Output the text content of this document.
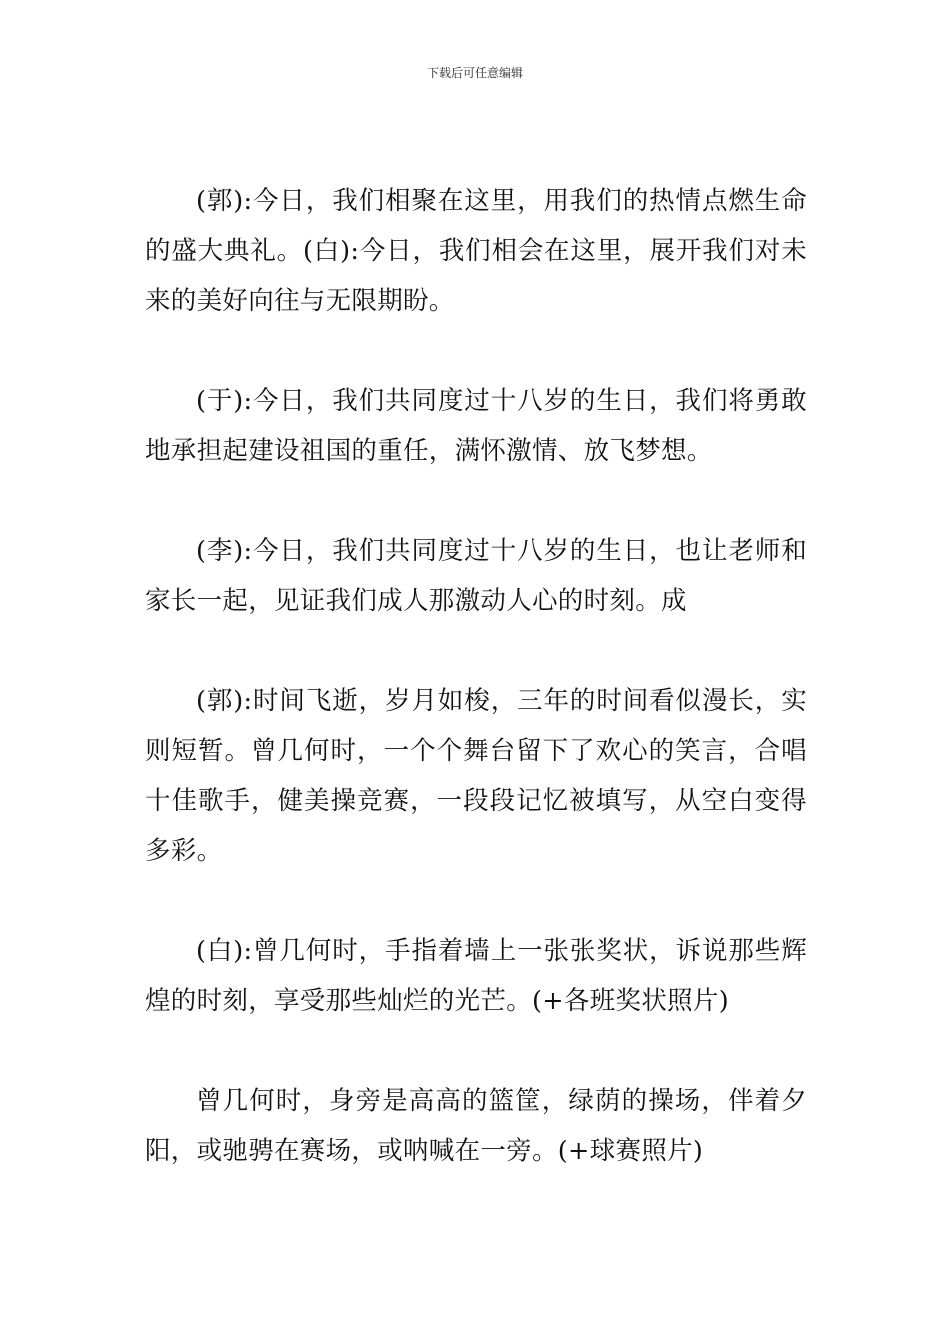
下载后可任意编辑

(郭):今日，我们相聚在这里，用我们的热情点燃生命的盛大典礼。(白):今日，我们相会在这里，展开我们对未来的美好向往与无限期盼。

(于):今日，我们共同度过十八岁的生日，我们将勇敢地承担起建设祖国的重任，满怀激情、放飞梦想。

(李):今日，我们共同度过十八岁的生日，也让老师和家长一起，见证我们成人那激动人心的时刻。成

(郭):时间飞逝，岁月如梭，三年的时间看似漫长，实则短暂。曾几何时，一个个舞台留下了欢心的笑言，合唱十佳歌手，健美操竞赛，一段段记忆被填写，从空白变得多彩。

(白):曾几何时，手指着墙上一张张奖状，诉说那些辉煌的时刻，享受那些灿烂的光芒。(+各班奖状照片)

曾几何时，身旁是高高的篮筐，绿荫的操场，伴着夕阳，或驰骋在赛场，或呐喊在一旁。(+球赛照片)
